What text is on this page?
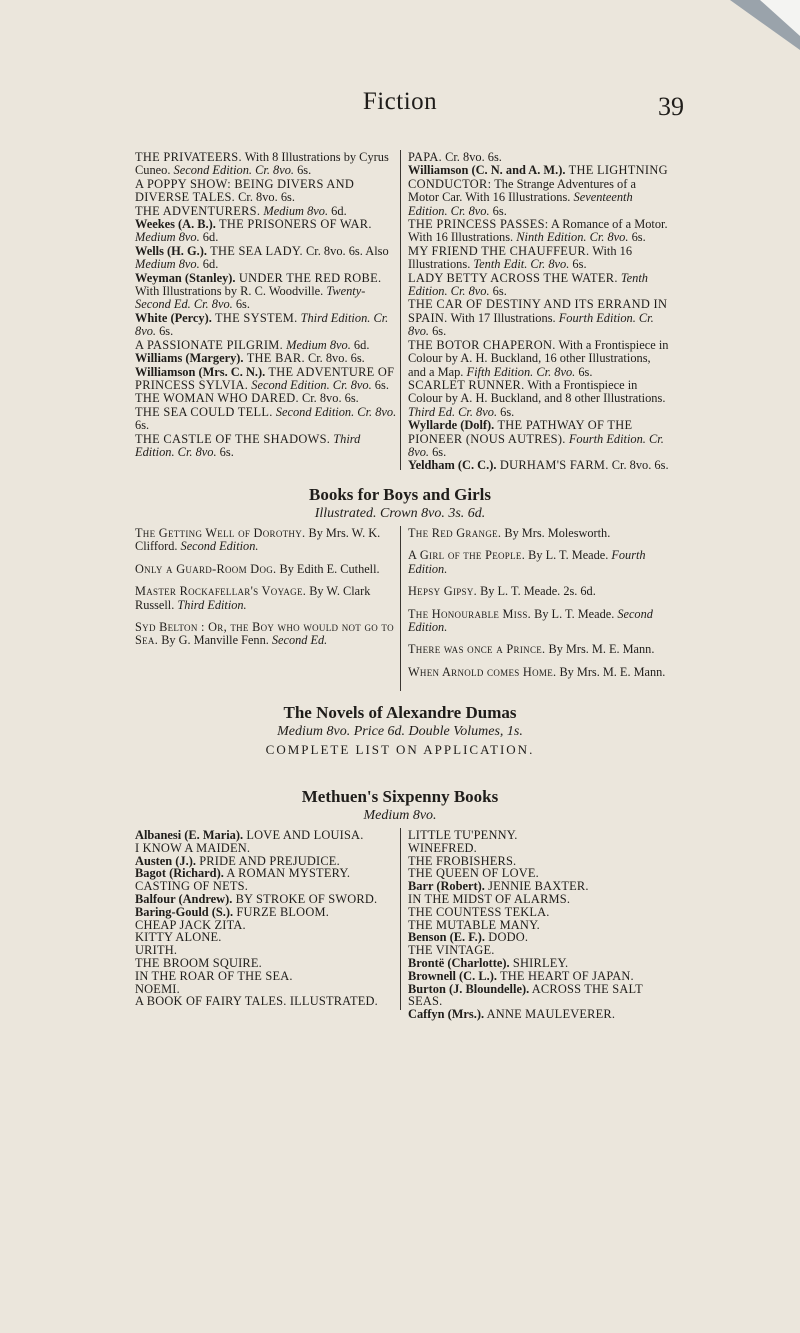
Fiction	39

THE PRIVATEERS. With 8 Illustrations by Cyrus Cuneo. Second Edition. Cr. 8vo. 6s.

A POPPY SHOW: BEING DIVERS AND DIVERSE TALES. Cr. 8vo. 6s.

THE ADVENTURERS. Medium 8vo. 6d.

Weekes (A. B.). THE PRISONERS OF WAR. Medium 8vo. 6d.

Wells (H. G.). THE SEA LADY. Cr. 8vo. 6s. Also Medium 8vo. 6d.

Weyman (Stanley). UNDER THE RED ROBE. With Illustrations by R. C. Woodville. Twenty-Second Ed. Cr. 8vo. 6s.

White (Percy). THE SYSTEM. Third Edition. Cr. 8vo. 6s.

A PASSIONATE PILGRIM. Medium 8vo. 6d.

Williams (Margery). THE BAR. Cr. 8vo. 6s.

Williamson (Mrs. C. N.). THE ADVENTURE OF PRINCESS SYLVIA. Second Edition. Cr. 8vo. 6s.

THE WOMAN WHO DARED. Cr. 8vo. 6s.

THE SEA COULD TELL. Second Edition. Cr. 8vo. 6s.

THE CASTLE OF THE SHADOWS. Third Edition. Cr. 8vo. 6s.

PAPA. Cr. 8vo. 6s.

Williamson (C. N. and A. M.). THE LIGHTNING CONDUCTOR: The Strange Adventures of a Motor Car. With 16 Illustrations. Seventeenth Edition. Cr. 8vo. 6s.

THE PRINCESS PASSES: A Romance of a Motor. With 16 Illustrations. Ninth Edition. Cr. 8vo. 6s.

MY FRIEND THE CHAUFFEUR. With 16 Illustrations. Tenth Edit. Cr. 8vo. 6s.

LADY BETTY ACROSS THE WATER. Tenth Edition. Cr. 8vo. 6s.

THE CAR OF DESTINY AND ITS ERRAND IN SPAIN. With 17 Illustrations. Fourth Edition. Cr. 8vo. 6s.

THE BOTOR CHAPERON. With a Frontispiece in Colour by A. H. Buckland, 16 other Illustrations, and a Map. Fifth Edition. Cr. 8vo. 6s.

SCARLET RUNNER. With a Frontispiece in Colour by A. H. Buckland, and 8 other Illustrations. Third Ed. Cr. 8vo. 6s.

Wyllarde (Dolf). THE PATHWAY OF THE PIONEER (NOUS AUTRES). Fourth Edition. Cr. 8vo. 6s.

Yeldham (C. C.). DURHAM'S FARM. Cr. 8vo. 6s.

Books for Boys and Girls

Illustrated. Crown 8vo. 3s. 6d.

The Getting Well of Dorothy. By Mrs. W. K. Clifford. Second Edition.

Only a Guard-Room Dog. By Edith E. Cuthell.

Master Rockafellar's Voyage. By W. Clark Russell. Third Edition.

Syd Belton : Or, the Boy who would not go to Sea. By G. Manville Fenn. Second Ed.

The Red Grange. By Mrs. Molesworth.

A Girl of the People. By L. T. Meade. Fourth Edition.

Hepsy Gipsy. By L. T. Meade. 2s. 6d.

The Honourable Miss. By L. T. Meade. Second Edition.

There was once a Prince. By Mrs. M. E. Mann.

When Arnold comes Home. By Mrs. M. E. Mann.

The Novels of Alexandre Dumas

Medium 8vo. Price 6d. Double Volumes, 1s.

COMPLETE LIST ON APPLICATION.

Methuen's Sixpenny Books

Medium 8vo.

Albanesi (E. Maria). LOVE AND LOUISA.

I KNOW A MAIDEN.

Austen (J.). PRIDE AND PREJUDICE.

Bagot (Richard). A ROMAN MYSTERY.

CASTING OF NETS.

Balfour (Andrew). BY STROKE OF SWORD.

Baring-Gould (S.). FURZE BLOOM.

CHEAP JACK ZITA.

KITTY ALONE.

URITH.

THE BROOM SQUIRE.

IN THE ROAR OF THE SEA.

NOEMI.

A BOOK OF FAIRY TALES. ILLUSTRATED.

LITTLE TU'PENNY.

WINEFRED.

THE FROBISHERS.

THE QUEEN OF LOVE.

Barr (Robert). JENNIE BAXTER.

IN THE MIDST OF ALARMS.

THE COUNTESS TEKLA.

THE MUTABLE MANY.

Benson (E. F.). DODO.

THE VINTAGE.

Brontë (Charlotte). SHIRLEY.

Brownell (C. L.). THE HEART OF JAPAN.

Burton (J. Bloundelle). ACROSS THE SALT SEAS.

Caffyn (Mrs.). ANNE MAULEVERER.
